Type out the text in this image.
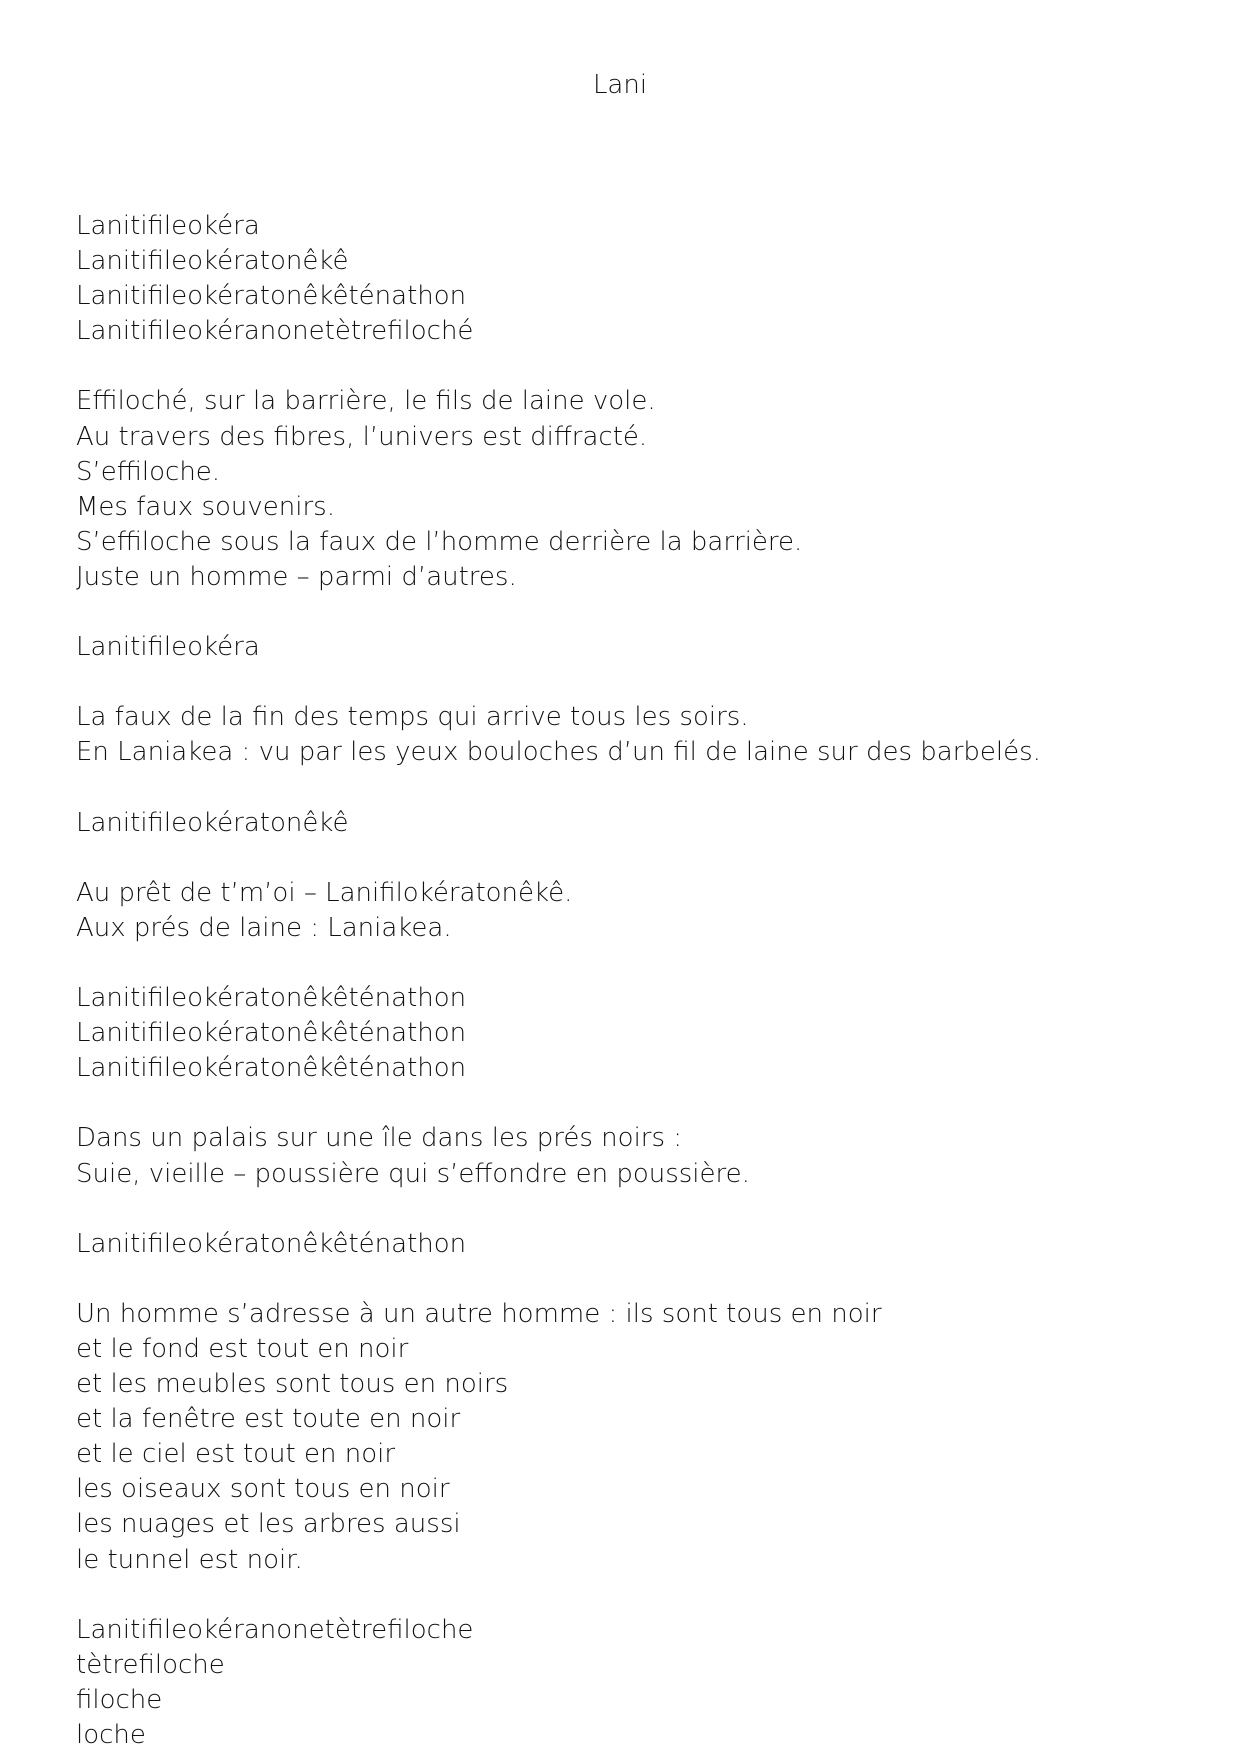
Lani
Lanitifileokéra
Lanitifileokératonêkê
Lanitifileokératonêkêténathon
Lanitifileokéranonetètrefiloché
Effiloché, sur la barrière, le fils de laine vole.
Au travers des fibres, l’univers est diffracté.
S’effiloche.
Mes faux souvenirs.
S’effiloche sous la faux de l’homme derrière la barrière.
Juste un homme – parmi d’autres.
Lanitifileokéra
La faux de la fin des temps qui arrive tous les soirs.
En Laniakea : vu par les yeux bouloches d’un fil de laine sur des barbelés.
Lanitifileokératonêkê
Au prêt de t’m’oi – Lanifilokératonêkê.
Aux prés de laine : Laniakea.
Lanitifileokératonêkêténathon
Lanitifileokératonêkêténathon
Lanitifileokératonêkêténathon
Dans un palais sur une île dans les prés noirs :
Suie, vieille – poussière qui s’effondre en poussière.
Lanitifileokératonêkêténathon
Un homme s’adresse à un autre homme : ils sont tous en noir
et le fond est tout en noir
et les meubles sont tous en noirs
et la fenêtre est toute en noir
et le ciel est tout en noir
les oiseaux sont tous en noir
les nuages et les arbres aussi
le tunnel est noir.
Lanitifileokéranonetètrefiloche
tètrefiloche
filoche
loche
